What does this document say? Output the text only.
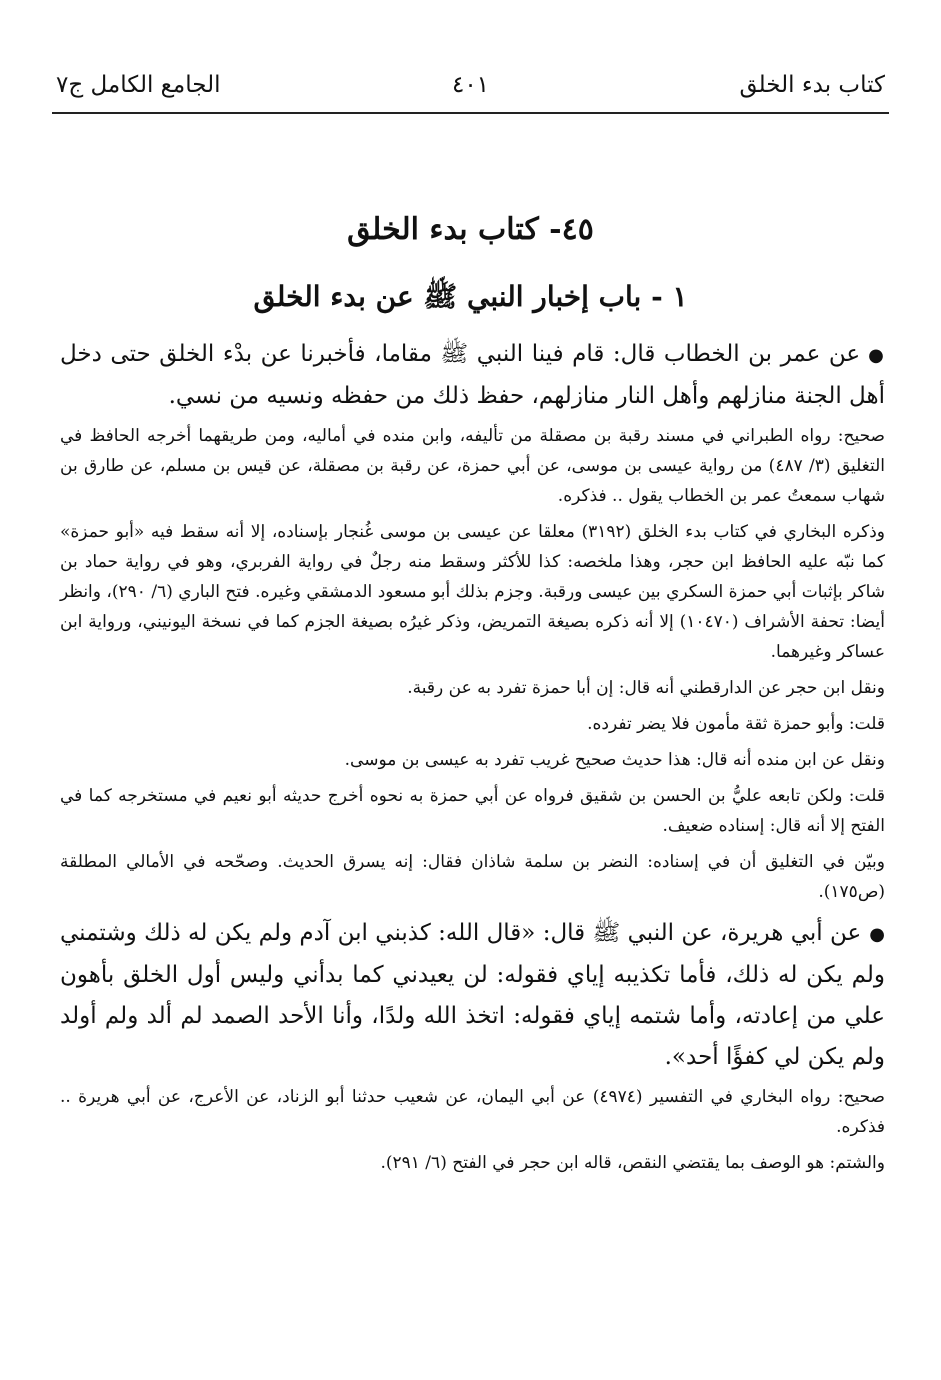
كتاب بدء الخلق
٤٠١
الجامع الكامل ج٧
٤٥- كتاب بدء الخلق
١ - باب إخبار النبي ﷺ عن بدء الخلق

●عن عمر بن الخطاب قال: قام فينا النبي ﷺ مقاما، فأخبرنا عن بدْء الخلق حتى دخل أهل الجنة منازلهم وأهل النار منازلهم، حفظ ذلك من حفظه ونسيه من نسي.

صحيح: رواه الطبراني في مسند رقبة بن مصقلة من تأليفه، وابن منده في أماليه، ومن طريقهما أخرجه الحافظ في التغليق (٣/ ٤٨٧) من رواية عيسى بن موسى، عن أبي حمزة، عن رقبة بن مصقلة، عن قيس بن مسلم، عن طارق بن شهاب سمعتُ عمر بن الخطاب يقول .. فذكره.

وذكره البخاري في كتاب بدء الخلق (٣١٩٢) معلقا عن عيسى بن موسى غُنجار بإسناده، إلا أنه سقط فيه «أبو حمزة» كما نبّه عليه الحافظ ابن حجر، وهذا ملخصه: كذا للأكثر وسقط منه رجلٌ في رواية الفربري، وهو في رواية حماد بن شاكر بإثبات أبي حمزة السكري بين عيسى ورقبة. وجزم بذلك أبو مسعود الدمشقي وغيره. فتح الباري (٦/ ٢٩٠)، وانظر أيضا: تحفة الأشراف (١٠٤٧٠) إلا أنه ذكره بصيغة التمريض، وذكر غيرُه بصيغة الجزم كما في نسخة اليونيني، ورواية ابن عساكر وغيرهما.

ونقل ابن حجر عن الدارقطني أنه قال: إن أبا حمزة تفرد به عن رقبة.

قلت: وأبو حمزة ثقة مأمون فلا يضر تفرده.

ونقل عن ابن منده أنه قال: هذا حديث صحيح غريب تفرد به عيسى بن موسى.

قلت: ولكن تابعه عليُّ بن الحسن بن شقيق فرواه عن أبي حمزة به نحوه أخرج حديثه أبو نعيم في مستخرجه كما في الفتح إلا أنه قال: إسناده ضعيف.

وبيّن في التغليق أن في إسناده: النضر بن سلمة شاذان فقال: إنه يسرق الحديث. وصحّحه في الأمالي المطلقة (ص١٧٥).

●عن أبي هريرة، عن النبي ﷺ قال: «قال الله: كذبني ابن آدم ولم يكن له ذلك وشتمني ولم يكن له ذلك، فأما تكذيبه إياي فقوله: لن يعيدني كما بدأني وليس أول الخلق بأهون علي من إعادته، وأما شتمه إياي فقوله: اتخذ الله ولدًا، وأنا الأحد الصمد لم ألد ولم أولد ولم يكن لي كفؤًا أحد».

صحيح: رواه البخاري في التفسير (٤٩٧٤) عن أبي اليمان، عن شعيب حدثنا أبو الزناد، عن الأعرج، عن أبي هريرة .. فذكره.

والشتم: هو الوصف بما يقتضي النقص، قاله ابن حجر في الفتح (٦/ ٢٩١).
